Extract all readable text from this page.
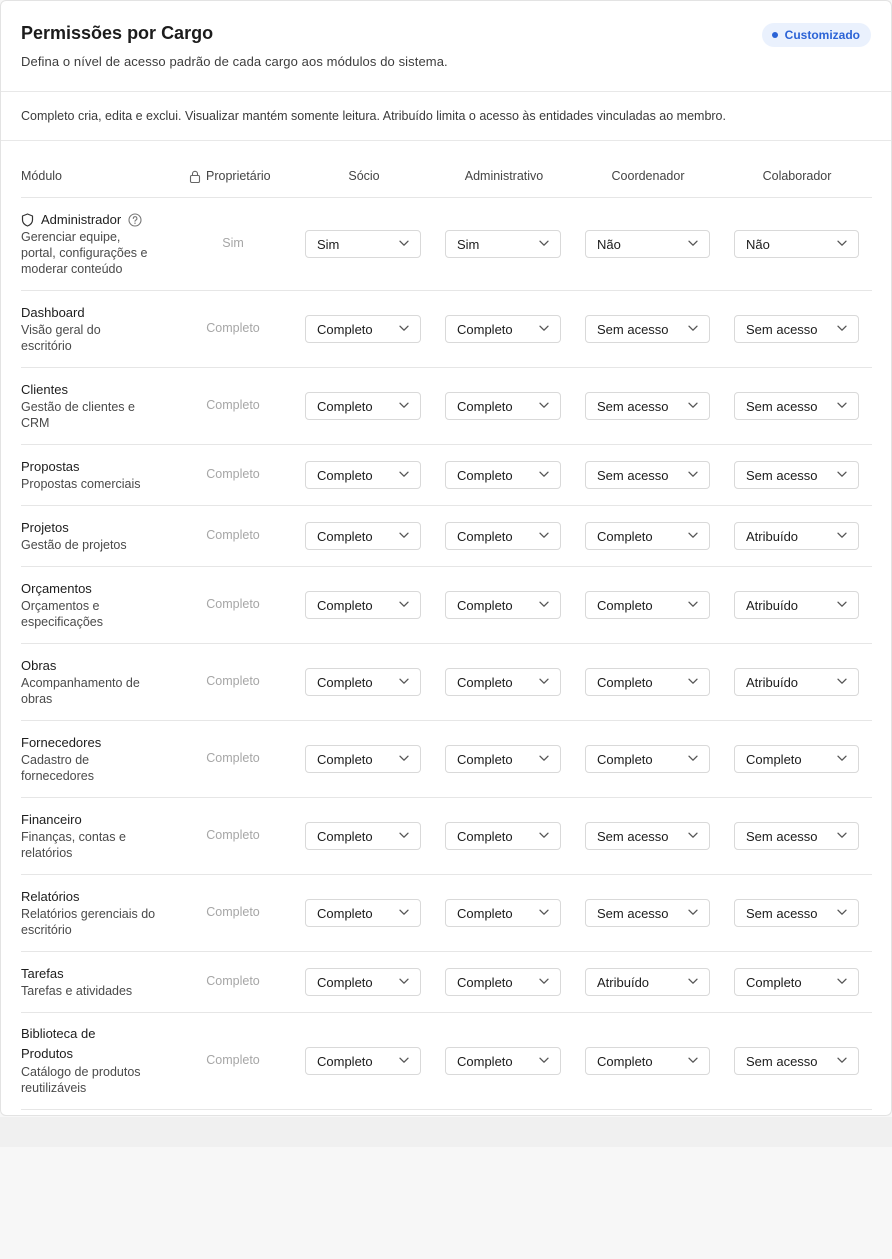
Permissões por Cargo
Defina o nível de acesso padrão de cada cargo aos módulos do sistema.
Customizado
Completo cria, edita e exclui. Visualizar mantém somente leitura. Atribuído limita o acesso às entidades vinculadas ao membro.
Módulo	Proprietário	Sócio	Administrativo	Coordenador	Colaborador
Administrador
Gerenciar equipe, portal, configurações e moderar conteúdo
Sim	Sim	Sim	Não	Não
Dashboard
Visão geral do escritório
Completo	Completo	Completo	Sem acesso	Sem acesso
Clientes
Gestão de clientes e CRM
Completo	Completo	Completo	Sem acesso	Sem acesso
Propostas
Propostas comerciais
Completo	Completo	Completo	Sem acesso	Sem acesso
Projetos
Gestão de projetos
Completo	Completo	Completo	Completo	Atribuído
Orçamentos
Orçamentos e especificações
Completo	Completo	Completo	Completo	Atribuído
Obras
Acompanhamento de obras
Completo	Completo	Completo	Completo	Atribuído
Fornecedores
Cadastro de fornecedores
Completo	Completo	Completo	Completo	Completo
Financeiro
Finanças, contas e relatórios
Completo	Completo	Completo	Sem acesso	Sem acesso
Relatórios
Relatórios gerenciais do escritório
Completo	Completo	Completo	Sem acesso	Sem acesso
Tarefas
Tarefas e atividades
Completo	Completo	Completo	Atribuído	Completo
Biblioteca de Produtos
Catálogo de produtos reutilizáveis
Completo	Completo	Completo	Completo	Sem acesso
